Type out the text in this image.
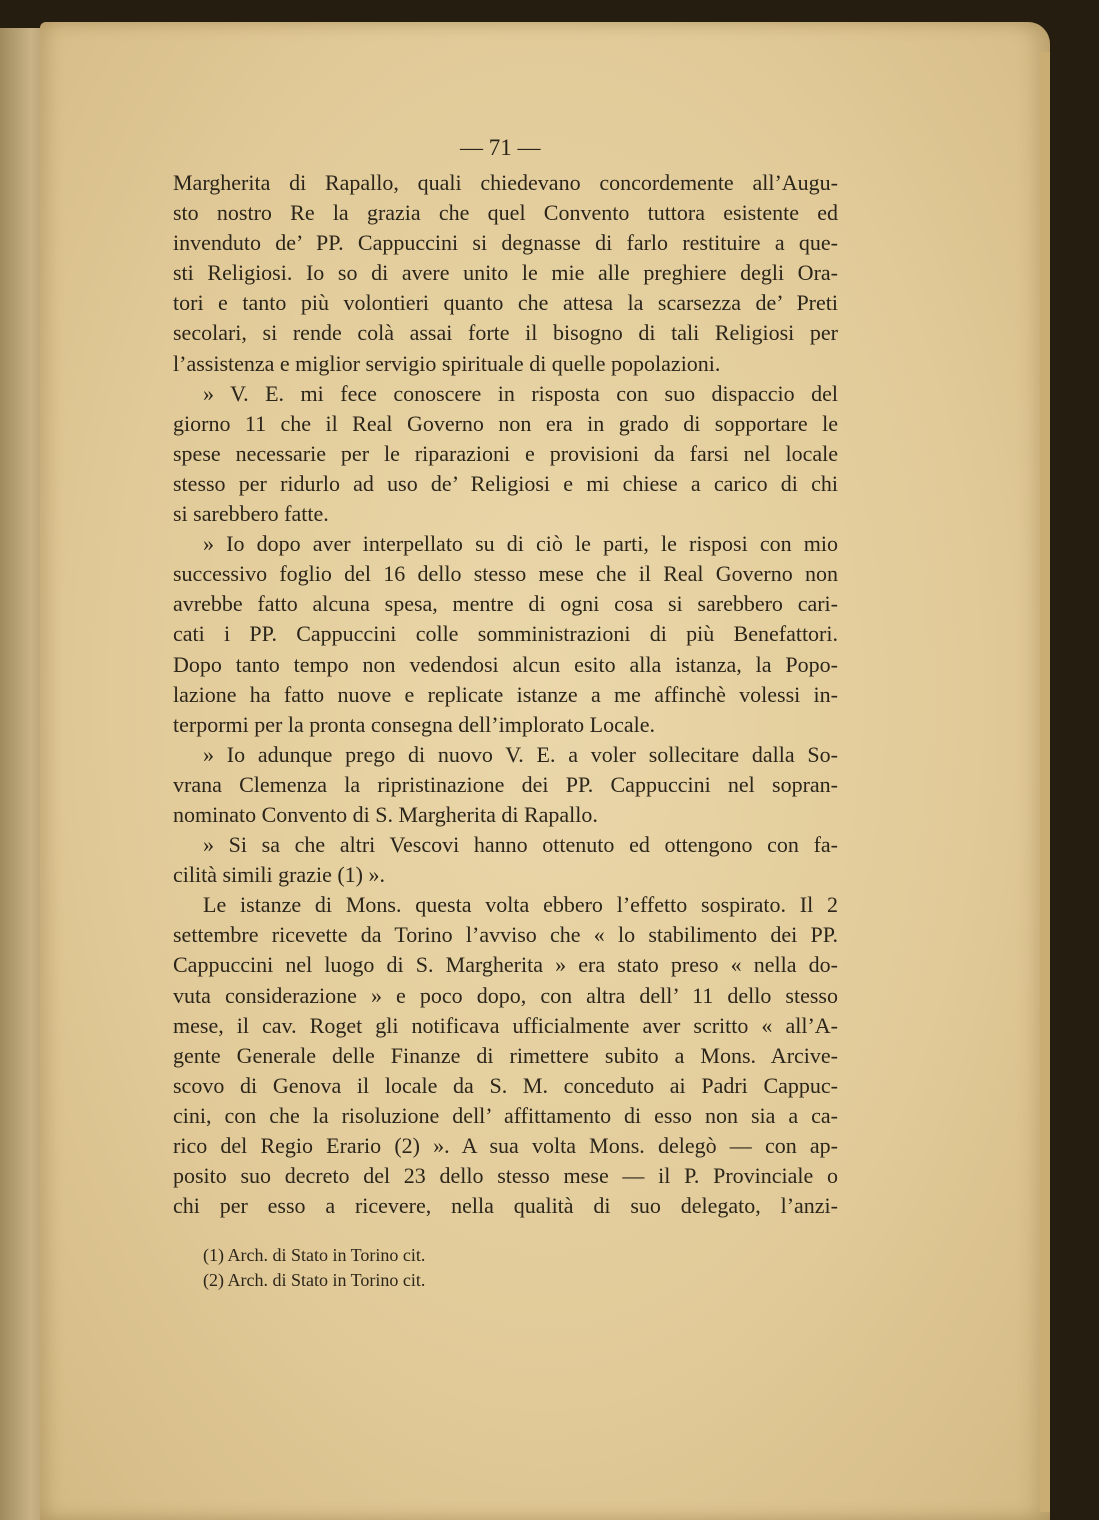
— 71 —
Margherita di Rapallo, quali chiedevano concordemente all’Augu-
sto nostro Re la grazia che quel Convento tuttora esistente ed
invenduto de’ PP. Cappuccini si degnasse di farlo restituire a que-
sti Religiosi. Io so di avere unito le mie alle preghiere degli Ora-
tori e tanto più volontieri quanto che attesa la scarsezza de’ Preti
secolari, si rende colà assai forte il bisogno di tali Religiosi per
l’assistenza e miglior servigio spirituale di quelle popolazioni.
» V. E. mi fece conoscere in risposta con suo dispaccio del
giorno 11 che il Real Governo non era in grado di sopportare le
spese necessarie per le riparazioni e provisioni da farsi nel locale
stesso per ridurlo ad uso de’ Religiosi e mi chiese a carico di chi
si sarebbero fatte.
» Io dopo aver interpellato su di ciò le parti, le risposi con mio
successivo foglio del 16 dello stesso mese che il Real Governo non
avrebbe fatto alcuna spesa, mentre di ogni cosa si sarebbero cari-
cati i PP. Cappuccini colle somministrazioni di più Benefattori.
Dopo tanto tempo non vedendosi alcun esito alla istanza, la Popo-
lazione ha fatto nuove e replicate istanze a me affinchè volessi in-
terpormi per la pronta consegna dell’implorato Locale.
» Io adunque prego di nuovo V. E. a voler sollecitare dalla So-
vrana Clemenza la ripristinazione dei PP. Cappuccini nel sopran-
nominato Convento di S. Margherita di Rapallo.
» Si sa che altri Vescovi hanno ottenuto ed ottengono con fa-
cilità simili grazie (1) ».
Le istanze di Mons. questa volta ebbero l’effetto sospirato. Il 2
settembre ricevette da Torino l’avviso che « lo stabilimento dei PP.
Cappuccini nel luogo di S. Margherita » era stato preso « nella do-
vuta considerazione » e poco dopo, con altra dell’ 11 dello stesso
mese, il cav. Roget gli notificava ufficialmente aver scritto « all’A-
gente Generale delle Finanze di rimettere subito a Mons. Arcive-
scovo di Genova il locale da S. M. conceduto ai Padri Cappuc-
cini, con che la risoluzione dell’ affittamento di esso non sia a ca-
rico del Regio Erario (2) ». A sua volta Mons. delegò — con ap-
posito suo decreto del 23 dello stesso mese — il P. Provinciale o
chi per esso a ricevere, nella qualità di suo delegato, l’anzi-
(1) Arch. di Stato in Torino cit.
(2) Arch. di Stato in Torino cit.
